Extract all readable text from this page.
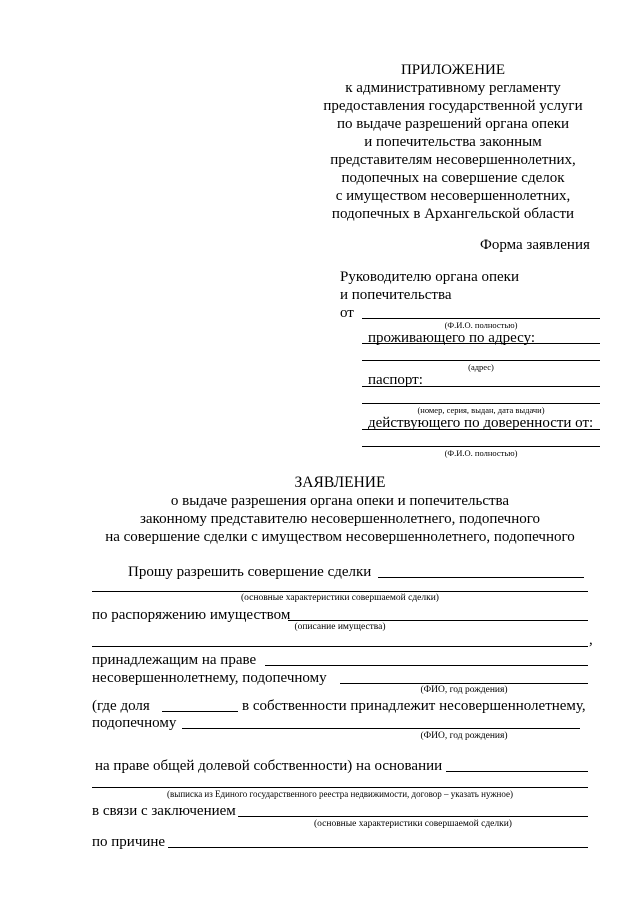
ПРИЛОЖЕНИЕ
к административному регламенту
предоставления государственной услуги
по выдаче разрешений органа опеки
и попечительства законным
представителям несовершеннолетних,
подопечных на совершение сделок
с имуществом несовершеннолетних,
подопечных в Архангельской области
Форма заявления
Руководителю органа опеки
и попечительства
от
(Ф.И.О. полностью)
проживающего по адресу:
(адрес)
паспорт:
(номер, серия, выдан, дата выдачи)
действующего по доверенности от:
(Ф.И.О. полностью)
ЗАЯВЛЕНИЕ
о выдаче разрешения органа опеки и попечительства
законному представителю несовершеннолетнего, подопечного
на совершение сделки с имуществом несовершеннолетнего, подопечного
Прошу разрешить совершение сделки
(основные характеристики совершаемой сделки)
по распоряжению имуществом
(описание имущества)
,
принадлежащим на праве
несовершеннолетнему, подопечному
(ФИО, год рождения)
(где доля	в собственности принадлежит несовершеннолетнему,
подопечному
(ФИО, год рождения)
на праве общей долевой собственности) на основании
(выписка из Единого государственного реестра недвижимости, договор – указать нужное)
в связи с заключением
(основные характеристики совершаемой сделки)
по причине
